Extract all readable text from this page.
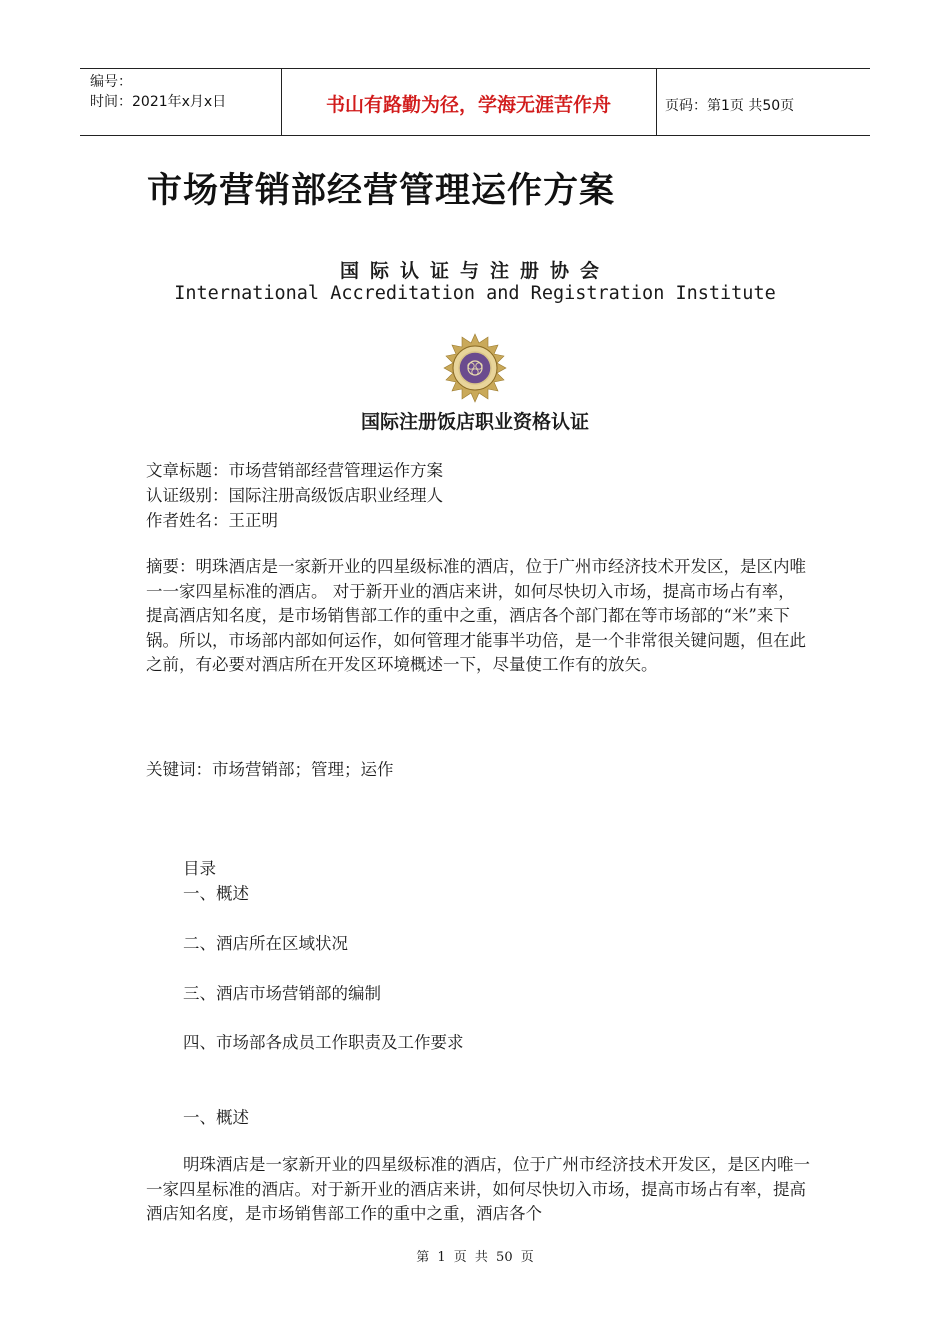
编号：
时间：2021年x月x日	书山有路勤为径，学海无涯苦作舟	页码：第1页 共50页
市场营销部经营管理运作方案
国际认证与注册协会
International Accreditation and Registration Institute
国际注册饭店职业资格认证
文章标题：市场营销部经营管理运作方案
认证级别：国际注册高级饭店职业经理人
作者姓名：王正明
摘要：明珠酒店是一家新开业的四星级标准的酒店，位于广州市经济技术开发区，是区内唯一一家四星标准的酒店。 对于新开业的酒店来讲，如何尽快切入市场，提高市场占有率，提高酒店知名度，是市场销售部工作的重中之重，酒店各个部门都在等市场部的“米”来下锅。所以，市场部内部如何运作，如何管理才能事半功倍，是一个非常很关键问题，但在此之前，有必要对酒店所在开发区环境概述一下，尽量使工作有的放矢。
关键词：市场营销部；管理；运作
目录
一、概述
二、酒店所在区域状况
三、酒店市场营销部的编制
四、市场部各成员工作职责及工作要求
一、概述
明珠酒店是一家新开业的四星级标准的酒店，位于广州市经济技术开发区，是区内唯一一家四星标准的酒店。对于新开业的酒店来讲，如何尽快切入市场，提高市场占有率，提高酒店知名度，是市场销售部工作的重中之重，酒店各个
第 1 页 共 50 页
